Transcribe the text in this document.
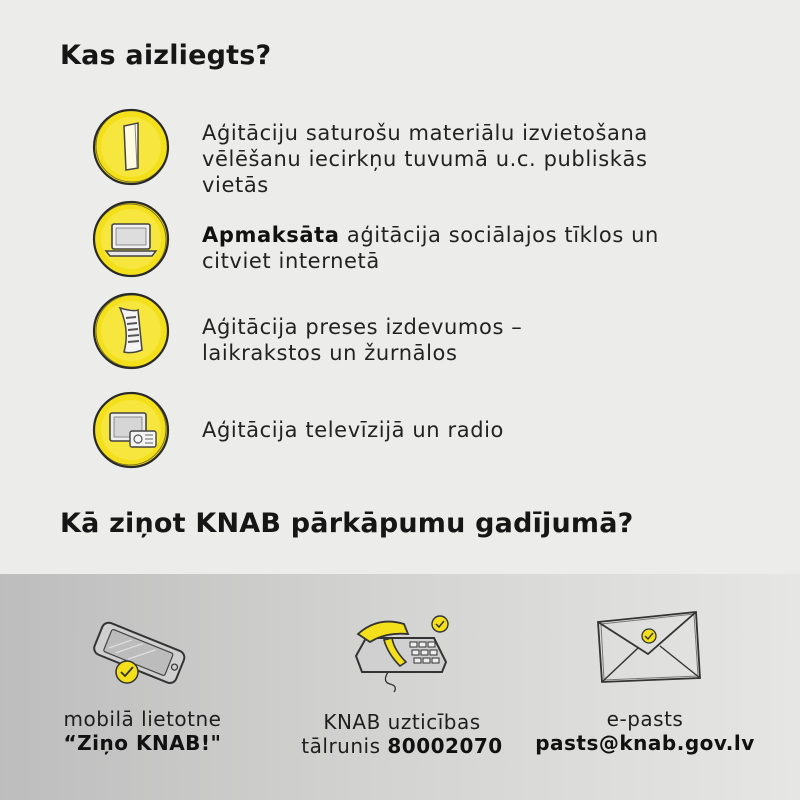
Kas aizliegts?
Aģitāciju saturošu materiālu izvietošana
vēlēšanu iecirkņu tuvumā u.c. publiskās
vietās
Apmaksāta aģitācija sociālajos tīklos un
citviet internetā
Aģitācija preses izdevumos –
laikrakstos un žurnālos
Aģitācija televīzijā un radio
Kā ziņot KNAB pārkāpumu gadījumā?
mobilā lietotne
“Ziņo KNAB!"
KNAB uzticības
tālrunis 80002070
e-pasts
pasts@knab.gov.lv
